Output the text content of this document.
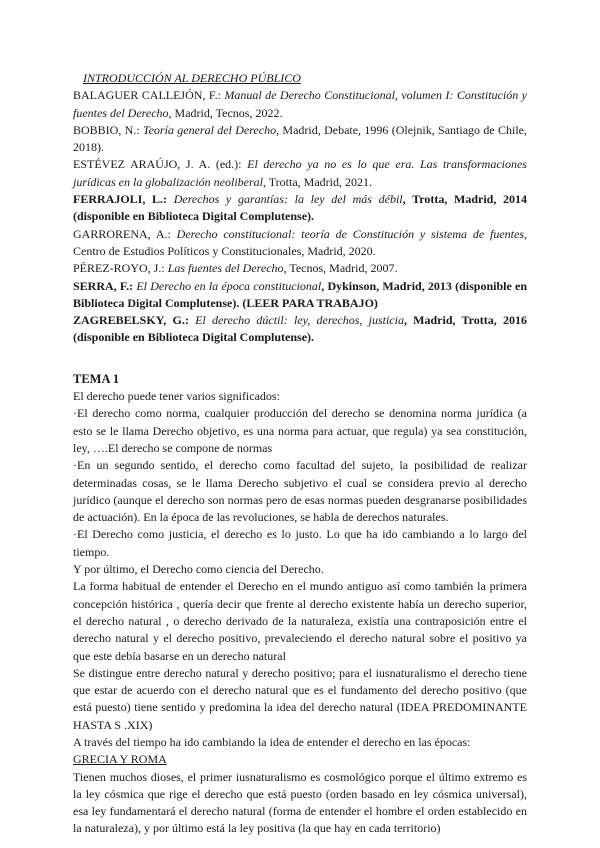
INTRODUCCIÓN AL DERECHO PÚBLICO

BALAGUER CALLEJÓN, F.: Manual de Derecho Constitucional, volumen I: Constitución y fuentes del Derecho, Madrid, Tecnos, 2022.

BOBBIO, N.: Teoría general del Derecho, Madrid, Debate, 1996 (Olejnik, Santiago de Chile, 2018).

ESTÉVEZ ARAÚJO, J. A. (ed.): El derecho ya no es lo que era. Las transformaciones jurídicas en la globalización neoliberal, Trotta, Madrid, 2021.

FERRAJOLI, L.: Derechos y garantías: la ley del más débil, Trotta, Madrid, 2014 (disponible en Biblioteca Digital Complutense).

GARRORENA, A.: Derecho constitucional: teoría de Constitución y sistema de fuentes, Centro de Estudios Políticos y Constitucionales, Madrid, 2020.

PÉREZ-ROYO, J.: Las fuentes del Derecho, Tecnos, Madrid, 2007.

SERRA, F.: El Derecho en la época constitucional, Dykinson, Madrid, 2013 (disponible en Biblioteca Digital Complutense). (LEER PARA TRABAJO)

ZAGREBELSKY, G.: El derecho dúctil: ley, derechos, justicia, Madrid, Trotta, 2016 (disponible en Biblioteca Digital Complutense).

TEMA 1

El derecho puede tener varios significados:

·El derecho como norma, cualquier producción del derecho se denomina norma jurídica (a esto se le llama Derecho objetivo, es una norma para actuar, que regula) ya sea constitución, ley, ….El derecho se compone de normas

·En un segundo sentido, el derecho como facultad del sujeto, la posibilidad de realizar determinadas cosas, se le llama Derecho subjetivo el cual se considera previo al derecho jurídico (aunque el derecho son normas pero de esas normas pueden desgranarse posibilidades de actuación). En la época de las revoluciones, se habla de derechos naturales.

·El Derecho como justicia, el derecho es lo justo. Lo que ha ido cambiando a lo largo del tiempo.

Y por último, el Derecho como ciencia del Derecho.

La forma habitual de entender el Derecho en el mundo antiguo así como también la primera concepción histórica , quería decir que frente al derecho existente había un derecho superior, el derecho natural , o derecho derivado de la naturaleza, existía una contraposición entre el derecho natural y el derecho positivo, prevaleciendo el derecho natural sobre el positivo ya que este debía basarse en un derecho natural

Se distingue entre derecho natural y derecho positivo; para el iusnaturalismo el derecho tiene que estar de acuerdo con el derecho natural que es el fundamento del derecho positivo (que está puesto) tiene sentido y predomina la idea del derecho natural (IDEA PREDOMINANTE HASTA S .XIX)

A través del tiempo ha ido cambiando la idea de entender el derecho en las épocas:

GRECIA Y ROMA

Tienen muchos dioses, el primer iusnaturalismo es cosmológico porque el último extremo es la ley cósmica que rige el derecho que está puesto (orden basado en ley cósmica universal), esa ley fundamentará el derecho natural (forma de entender el hombre el orden establecido en la naturaleza), y por último está la ley positiva (la que hay en cada territorio)
